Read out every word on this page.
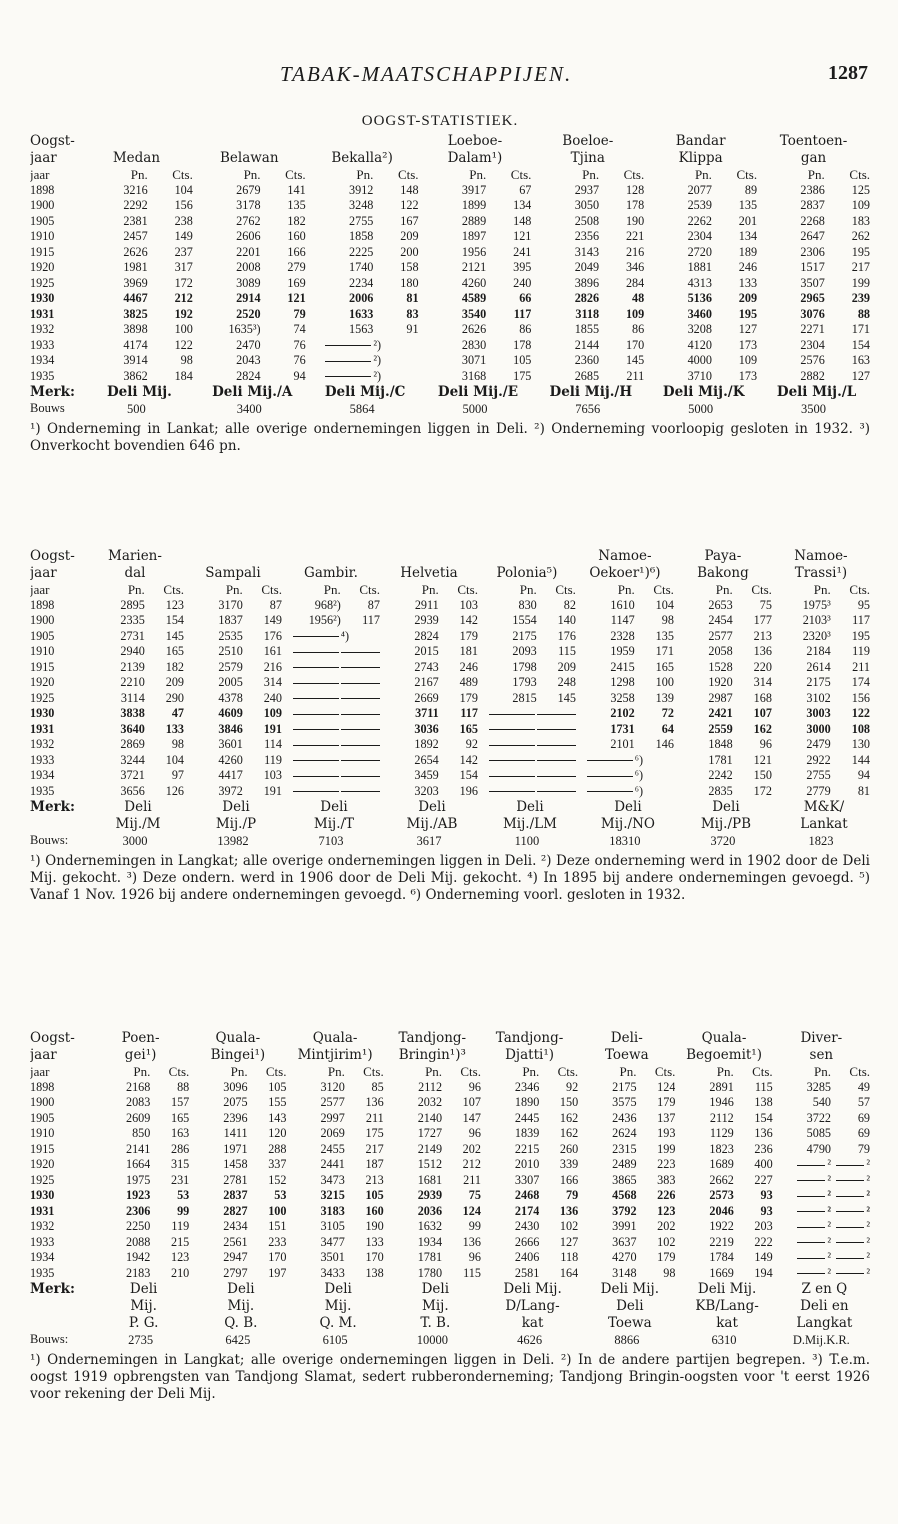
TABAK-MAATSCHAPPIJEN.	1287
OOGST-STATISTIEK.
Oogst-							Loeboe-		Boeloe-		Bandar		Toentoen-	
jaar	Medan		Belawan		Bekalla²)		Dalam¹)		Tjina		Klippa		gan	
jaar	Pn.	Cts.	Pn.	Cts.	Pn.	Cts.	Pn.	Cts.	Pn.	Cts.	Pn.	Cts.	Pn.	Cts.
1898	3216	104	2679	141	3912	148	3917	67	2937	128	2077	89	2386	125
1900	2292	156	3178	135	3248	122	1899	134	3050	178	2539	135	2837	109
1905	2381	238	2762	182	2755	167	2889	148	2508	190	2262	201	2268	183
1910	2457	149	2606	160	1858	209	1897	121	2356	221	2304	134	2647	262
1915	2626	237	2201	166	2225	200	1956	241	3143	216	2720	189	2306	195
1920	1981	317	2008	279	1740	158	2121	395	2049	346	1881	246	1517	217
1925	3969	172	3089	169	2234	180	4260	240	3896	284	4313	133	3507	199
1930	4467	212	2914	121	2006	81	4589	66	2826	48	5136	209	2965	239
1931	3825	192	2520	79	1633	83	3540	117	3118	109	3460	195	3076	88
1932	3898	100	1635³)	74	1563	91	2626	86	1855	86	3208	127	2271	171
1933	4174	122	2470	76		²)	2830	178	2144	170	4120	173	2304	154
1934	3914	98	2043	76		²)	3071	105	2360	145	4000	109	2576	163
1935	3862	184	2824	94		²)	3168	175	2685	211	3710	173	2882	127
Merk:	Deli Mij.		Deli Mij./A		Deli Mij./C		Deli Mij./E		Deli Mij./H		Deli Mij./K		Deli Mij./L	
Bouws	500		3400		5864		5000		7656		5000		3500	
¹) Onderneming in Lankat; alle overige ondernemingen liggen in Deli. ²) Onderneming voorloopig gesloten in 1932. ³) Onverkocht bovendien 646 pn.
Oogst-	Marien-										Namoe-		Paya-		Namoe-	
jaar	dal		Sampali		Gambir.		Helvetia		Polonia⁵)		Oekoer¹)⁶)		Bakong		Trassi¹)	
jaar	Pn.	Cts.	Pn.	Cts.	Pn.	Cts.	Pn.	Cts.	Pn.	Cts.	Pn.	Cts.	Pn.	Cts.	Pn.	Cts.
1898	2895	123	3170	87	968²)	87	2911	103	830	82	1610	104	2653	75	1975³	95
1900	2335	154	1837	149	1956²)	117	2939	142	1554	140	1147	98	2454	177	2103³	117
1905	2731	145	2535	176		⁴)	2824	179	2175	176	2328	135	2577	213	2320³	195
1910	2940	165	2510	161			2015	181	2093	115	1959	171	2058	136	2184	119
1915	2139	182	2579	216			2743	246	1798	209	2415	165	1528	220	2614	211
1920	2210	209	2005	314			2167	489	1793	248	1298	100	1920	314	2175	174
1925	3114	290	4378	240			2669	179	2815	145	3258	139	2987	168	3102	156
1930	3838	47	4609	109			3711	117			2102	72	2421	107	3003	122
1931	3640	133	3846	191			3036	165			1731	64	2559	162	3000	108
1932	2869	98	3601	114			1892	92			2101	146	1848	96	2479	130
1933	3244	104	4260	119			2654	142				⁶)	1781	121	2922	144
1934	3721	97	4417	103			3459	154				⁶)	2242	150	2755	94
1935	3656	126	3972	191			3203	196				⁶)	2835	172	2779	81
Merk:	Deli		Deli		Deli		Deli		Deli		Deli		Deli		M&K/	
	Mij./M		Mij./P		Mij./T		Mij./AB		Mij./LM		Mij./NO		Mij./PB		Lankat	
Bouws:	3000		13982		7103		3617		1100		18310		3720		1823	
¹) Ondernemingen in Langkat; alle overige ondernemingen liggen in Deli. ²) Deze onderneming werd in 1902 door de Deli Mij. gekocht. ³) Deze ondern. werd in 1906 door de Deli Mij. gekocht. ⁴) In 1895 bij andere ondernemingen gevoegd. ⁵) Vanaf 1 Nov. 1926 bij andere ondernemingen gevoegd. ⁶) Onderneming voorl. gesloten in 1932.
Oogst-	Poen-		Quala-		Quala-		Tandjong-		Tandjong-		Deli-		Quala-		Diver-	
jaar	gei¹)		Bingei¹)		Mintjirim¹)		Bringin¹)³		Djatti¹)		Toewa		Begoemit¹)		sen	
jaar	Pn.	Cts.	Pn.	Cts.	Pn.	Cts.	Pn.	Cts.	Pn.	Cts.	Pn.	Cts.	Pn.	Cts.	Pn.	Cts.
1898	2168	88	3096	105	3120	85	2112	96	2346	92	2175	124	2891	115	3285	49
1900	2083	157	2075	155	2577	136	2032	107	1890	150	3575	179	1946	138	540	57
1905	2609	165	2396	143	2997	211	2140	147	2445	162	2436	137	2112	154	3722	69
1910	850	163	1411	120	2069	175	1727	96	1839	162	2624	193	1129	136	5085	69
1915	2141	286	1971	288	2455	217	2149	202	2215	260	2315	199	1823	236	4790	79
1920	1664	315	1458	337	2441	187	1512	212	2010	339	2489	223	1689	400	²	²
1925	1975	231	2781	152	3473	213	1681	211	3307	166	3865	383	2662	227	²	²
1930	1923	53	2837	53	3215	105	2939	75	2468	79	4568	226	2573	93	²	²
1931	2306	99	2827	100	3183	160	2036	124	2174	136	3792	123	2046	93	²	²
1932	2250	119	2434	151	3105	190	1632	99	2430	102	3991	202	1922	203	²	²
1933	2088	215	2561	233	3477	133	1934	136	2666	127	3637	102	2219	222	²	²
1934	1942	123	2947	170	3501	170	1781	96	2406	118	4270	179	1784	149	²	²
1935	2183	210	2797	197	3433	138	1780	115	2581	164	3148	98	1669	194	²	²
Merk:	Deli		Deli		Deli		Deli		Deli Mij.		Deli Mij.		Deli Mij.		Z en Q	
	Mij.		Mij.		Mij.		Mij.		D/Lang-		Deli		KB/Lang-		Deli en	
	P. G.		Q. B.		Q. M.		T. B.		kat		Toewa		kat		Langkat	
Bouws:	2735		6425		6105		10000		4626		8866		6310		D.Mij.K.R.	
¹) Ondernemingen in Langkat; alle overige ondernemingen liggen in Deli. ²) In de andere partijen begrepen. ³) T.e.m. oogst 1919 opbrengsten van Tandjong Slamat, sedert rubberonderneming; Tandjong Bringin-oogsten voor 't eerst 1926 voor rekening der Deli Mij.
